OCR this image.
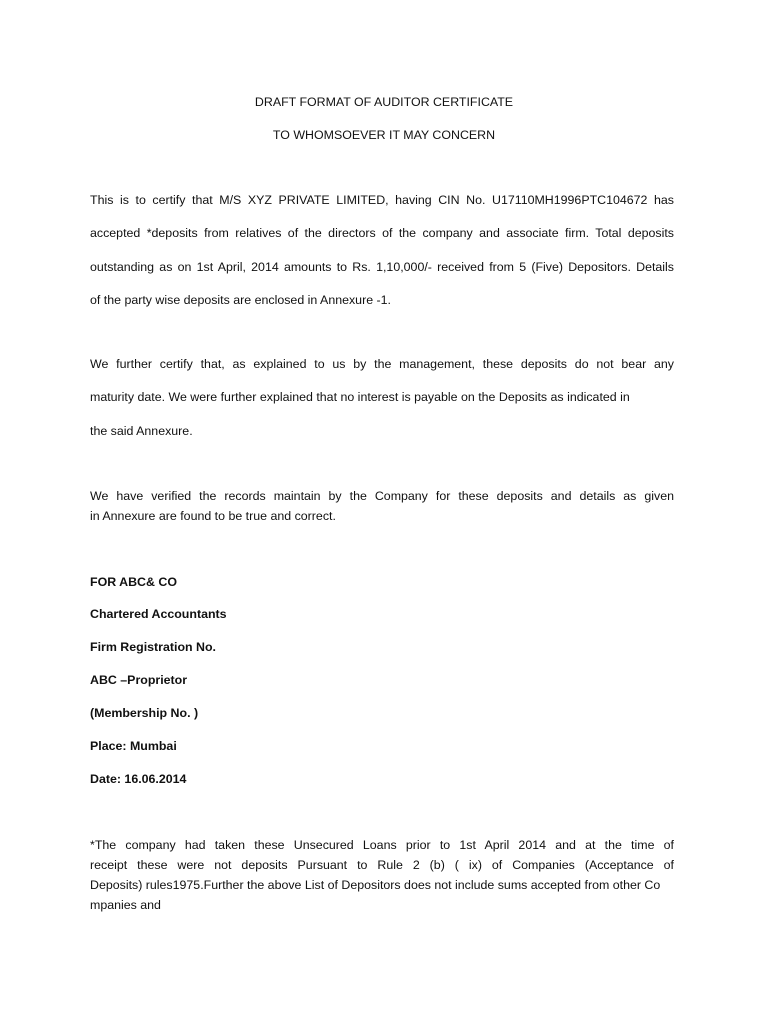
DRAFT FORMAT OF AUDITOR CERTIFICATE
TO WHOMSOEVER IT MAY CONCERN
This is to certify that M/S XYZ PRIVATE LIMITED, having CIN No. U17110MH1996PTC104672 has
accepted *deposits from relatives of the directors of the company and associate firm. Total deposits
outstanding as on 1st April, 2014 amounts to Rs. 1,10,000/- received from 5 (Five) Depositors. Details
of the party wise deposits are enclosed in Annexure -1.
We further certify that, as explained to us by the management, these deposits do not bear any
maturity date. We were further explained that no interest is payable on the Deposits as indicated in
the said Annexure.
We have verified the records maintain by the Company for these deposits and details as given
in Annexure are found to be true and correct.
FOR ABC& CO
Chartered Accountants
Firm Registration No.
ABC –Proprietor
(Membership No. )
Place: Mumbai
Date: 16.06.2014
*The company had taken these Unsecured Loans prior to 1st April 2014 and at the time of
receipt these were not deposits Pursuant to Rule 2 (b) ( ix) of Companies (Acceptance of
Deposits) rules1975.Further the above List of Depositors does not include sums accepted from other Co
mpanies and
